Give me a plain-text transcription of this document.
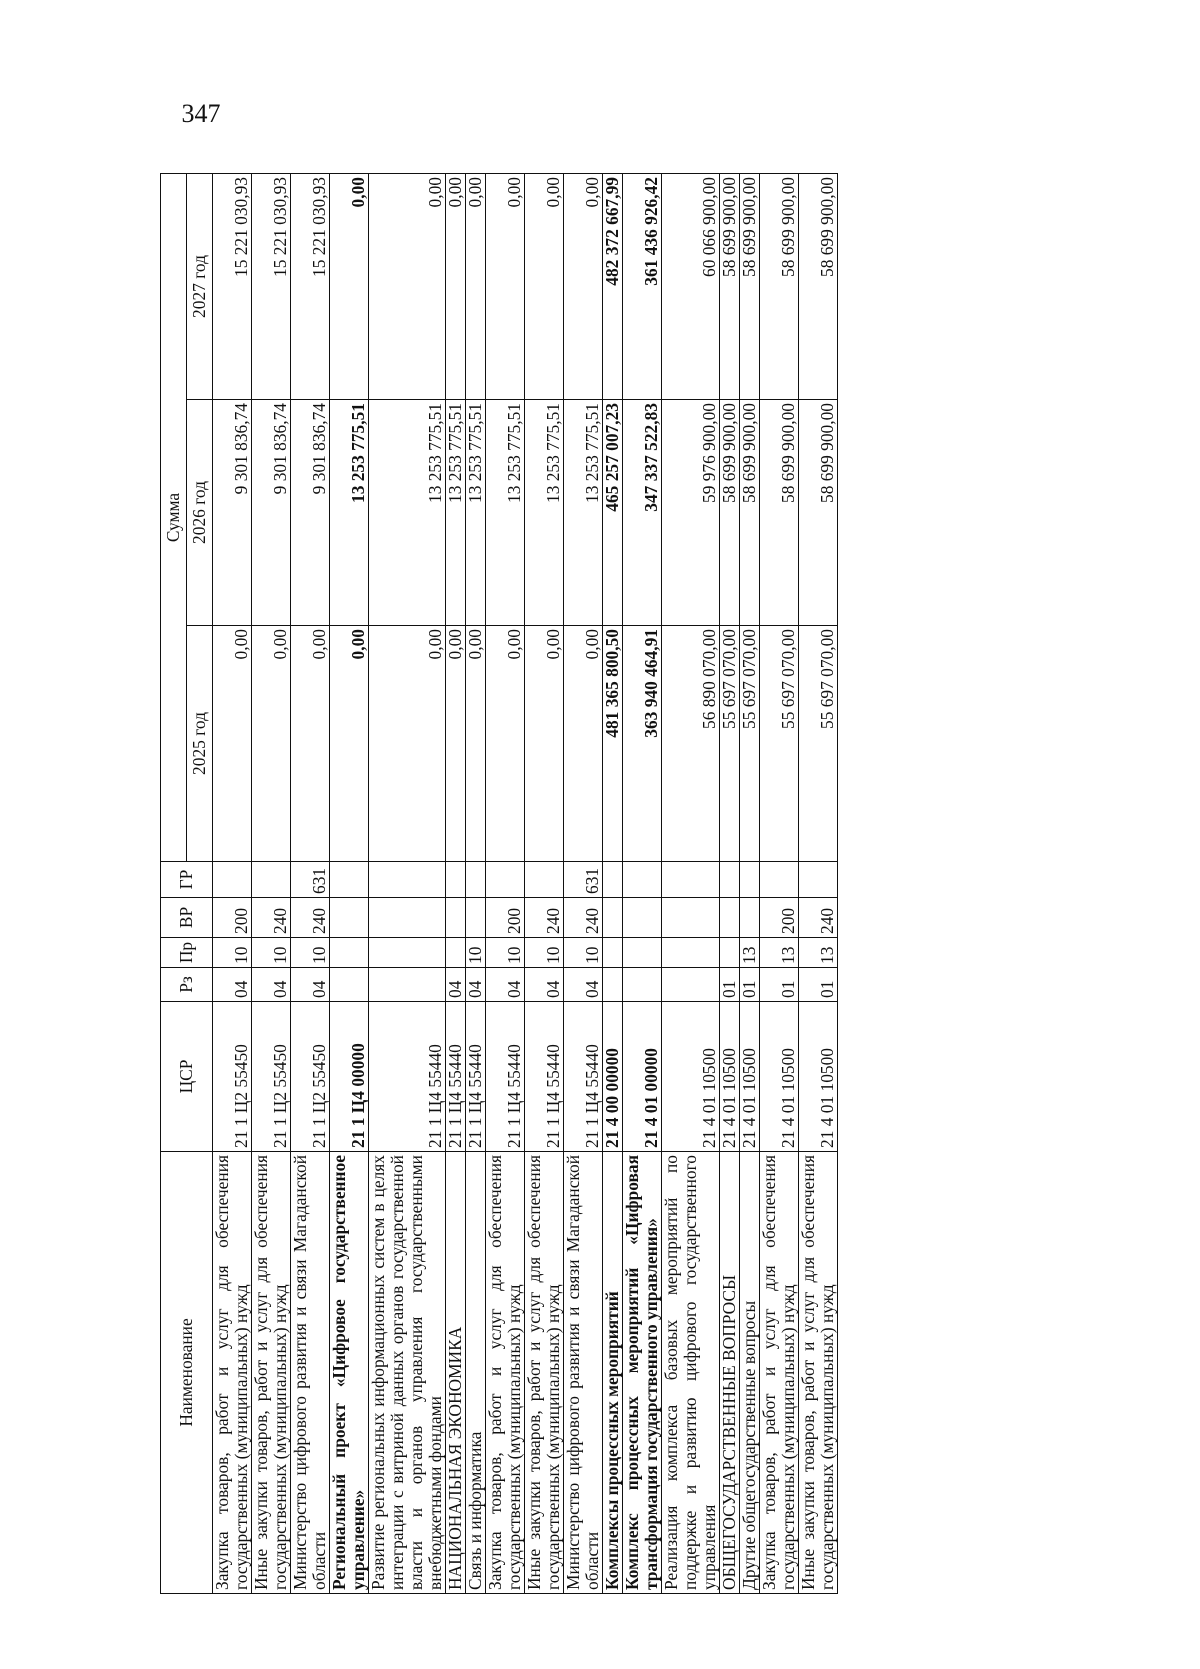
Наименование	ЦСР	Рз	Пр	ВР	ГР	Сумма		
						2025 год	2026 год	2027 год
Закупка товаров, работ и услуг для обеспечения государственных (муниципальных) нужд	21 1 Ц2 55450	04	10	200		0,00	9 301 836,74	15 221 030,93
Иные закупки товаров, работ и услуг для обеспечения государственных (муниципальных) нужд	21 1 Ц2 55450	04	10	240		0,00	9 301 836,74	15 221 030,93
Министерство цифрового развития и связи Магаданской области	21 1 Ц2 55450	04	10	240	631	0,00	9 301 836,74	15 221 030,93
Региональный проект «Цифровое государственное управление»	21 1 Ц4 00000					0,00	13 253 775,51	0,00
Развитие региональных информационных систем в целях интеграции с витриной данных органов государственной власти и органов управления государственными внебюджетными фондами	21 1 Ц4 55440					0,00	13 253 775,51	0,00
НАЦИОНАЛЬНАЯ ЭКОНОМИКА	21 1 Ц4 55440	04				0,00	13 253 775,51	0,00
Связь и информатика	21 1 Ц4 55440	04	10			0,00	13 253 775,51	0,00
Закупка товаров, работ и услуг для обеспечения государственных (муниципальных) нужд	21 1 Ц4 55440	04	10	200		0,00	13 253 775,51	0,00
Иные закупки товаров, работ и услуг для обеспечения государственных (муниципальных) нужд	21 1 Ц4 55440	04	10	240		0,00	13 253 775,51	0,00
Министерство цифрового развития и связи Магаданской области	21 1 Ц4 55440	04	10	240	631	0,00	13 253 775,51	0,00
Комплексы процессных мероприятий	21 4 00 00000					481 365 800,50	465 257 007,23	482 372 667,99
Комплекс процессных мероприятий «Цифровая трансформация государственного управления»	21 4 01 00000					363 940 464,91	347 337 522,83	361 436 926,42
Реализация комплекса базовых мероприятий по поддержке и развитию цифрового государственного управления	21 4 01 10500					56 890 070,00	59 976 900,00	60 066 900,00
ОБЩЕГОСУДАРСТВЕННЫЕ ВОПРОСЫ	21 4 01 10500	01				55 697 070,00	58 699 900,00	58 699 900,00
Другие общегосударственные вопросы	21 4 01 10500	01	13			55 697 070,00	58 699 900,00	58 699 900,00
Закупка товаров, работ и услуг для обеспечения государственных (муниципальных) нужд	21 4 01 10500	01	13	200		55 697 070,00	58 699 900,00	58 699 900,00
Иные закупки товаров, работ и услуг для обеспечения государственных (муниципальных) нужд	21 4 01 10500	01	13	240		55 697 070,00	58 699 900,00	58 699 900,00
347
